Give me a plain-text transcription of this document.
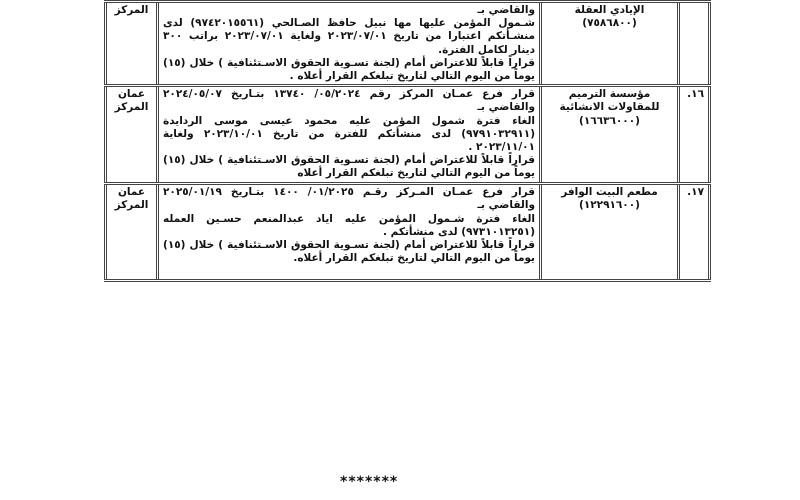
الإيادي العقلة

(٧٥٨٦٨٠٠)

والقاضي بـ

شـمول المؤمن عليها مها نبيل حافظ الصـالحي (٩٧٤٢٠١٥٥٦١) لدى منشـأتكم اعتبارا من تاريخ ٢٠٢٣/٠٧/٠١ ولغاية ٢٠٢٣/٠٧/٠١ براتب ٣٠٠ دينار لكامل الفترة.

قراراً قابلاً للاعتراض أمام (لجنة تسـوية الحقوق الاسـتئنافية ) خلال (١٥) يوماً من اليوم التالي لتاريخ تبلغكم القرار أعلاه .

المركز
١٦.

مؤسسة الترميم للمقاولات الانشائية

(١٦٦٣٦٠٠٠)

قرار فرع عمـان المركز رقم ٠٥/٢٠٢٤/ ١٣٧٤٠ بتـاريخ ٢٠٢٤/٠٥/٠٧ والقاضي بـ

الغاء فترة شمول المؤمن عليه محمود عيسى موسى الردايدة (٩٧٩١٠٣٢٩١١) لدى منشأتكم للفترة من تاريخ ٢٠٢٣/١٠/٠١ ولغاية ٢٠٢٣/١١/٠١ .

قراراً قابلاً للاعتراض أمام (لجنة تسـوية الحقوق الاسـتئنافية ) خلال (١٥) يوماً من اليوم التالي لتاريخ تبلغكم القرار أعلاه

عمان المركز
١٧.

مطعم البيت الوافر

(١٢٢٩١٦٠٠)

قرار فرع عمـان المـركز رقـم ٠١/٢٠٢٥/ ١٤٠٠ بتـاريخ ٢٠٢٥/٠١/١٩ والقاضي بـ

الغاء فترة شـمول المؤمن عليه اياد عبدالمنعم حسـين العمله (٩٧٣١٠١٣٢٥١) لدى منشأتكم .

قراراً قابلاً للاعتراض أمام (لجنة تسـوية الحقوق الاسـتئنافية ) خلال (١٥) يوماً من اليوم التالي لتاريخ تبلغكم القرار أعلاه.

عمان المركز
*******
